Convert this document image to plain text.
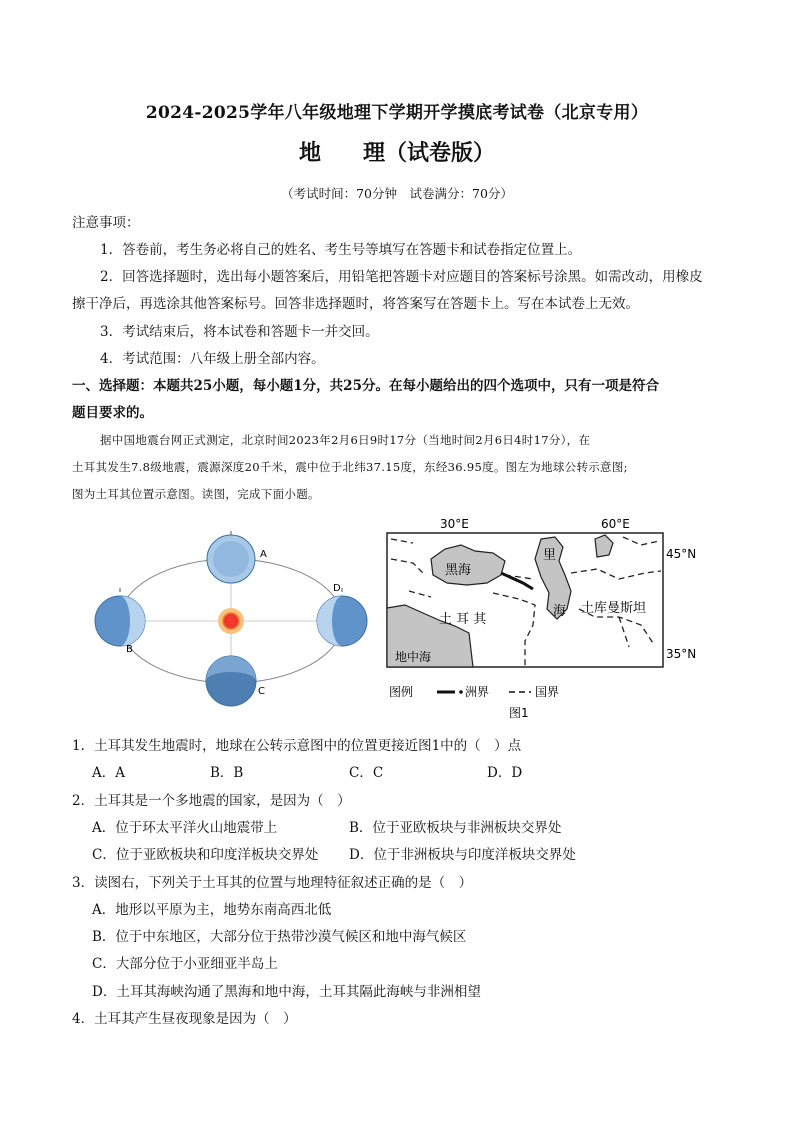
2024-2025学年八年级地理下学期开学摸底考试卷（北京专用）
地 理（试卷版）
（考试时间：70分钟　试卷满分：70分）
注意事项：
1．答卷前，考生务必将自己的姓名、考生号等填写在答题卡和试卷指定位置上。
2．回答选择题时，选出每小题答案后，用铅笔把答题卡对应题目的答案标号涂黑。如需改动，用橡皮
擦干净后，再选涂其他答案标号。回答非选择题时，将答案写在答题卡上。写在本试卷上无效。
3．考试结束后，将本试卷和答题卡一并交回。
4．考试范围：八年级上册全部内容。
一、选择题：本题共25小题，每小题1分，共25分。在每小题给出的四个选项中，只有一项是符合
题目要求的。
据中国地震台网正式测定，北京时间2023年2月6日9时17分（当地时间2月6日4时17分），在
土耳其发生7.8级地震，震源深度20千米，震中位于北纬37.15度，东经36.95度。图左为地球公转示意图;
图为土耳其位置示意图。读图，完成下面小题。
A
B
C
D
30°E	60°E
45°N
35°N
黑海
里
海
土 耳 其
土库曼斯坦
地中海
图例	洲界	国界
图1
1．土耳其发生地震时，地球在公转示意图中的位置更接近图1中的（　）点
A．A	B．B	C．C	D．D
2．土耳其是一个多地震的国家，是因为（　）
A．位于环太平洋火山地震带上	B．位于亚欧板块与非洲板块交界处
C．位于亚欧板块和印度洋板块交界处 D．位于非洲板块与印度洋板块交界处
3．读图右，下列关于土耳其的位置与地理特征叙述正确的是（　）
A．地形以平原为主，地势东南高西北低
B．位于中东地区，大部分位于热带沙漠气候区和地中海气候区
C．大部分位于小亚细亚半岛上
D．土耳其海峡沟通了黑海和地中海，土耳其隔此海峡与非洲相望
4．土耳其产生昼夜现象是因为（　）
